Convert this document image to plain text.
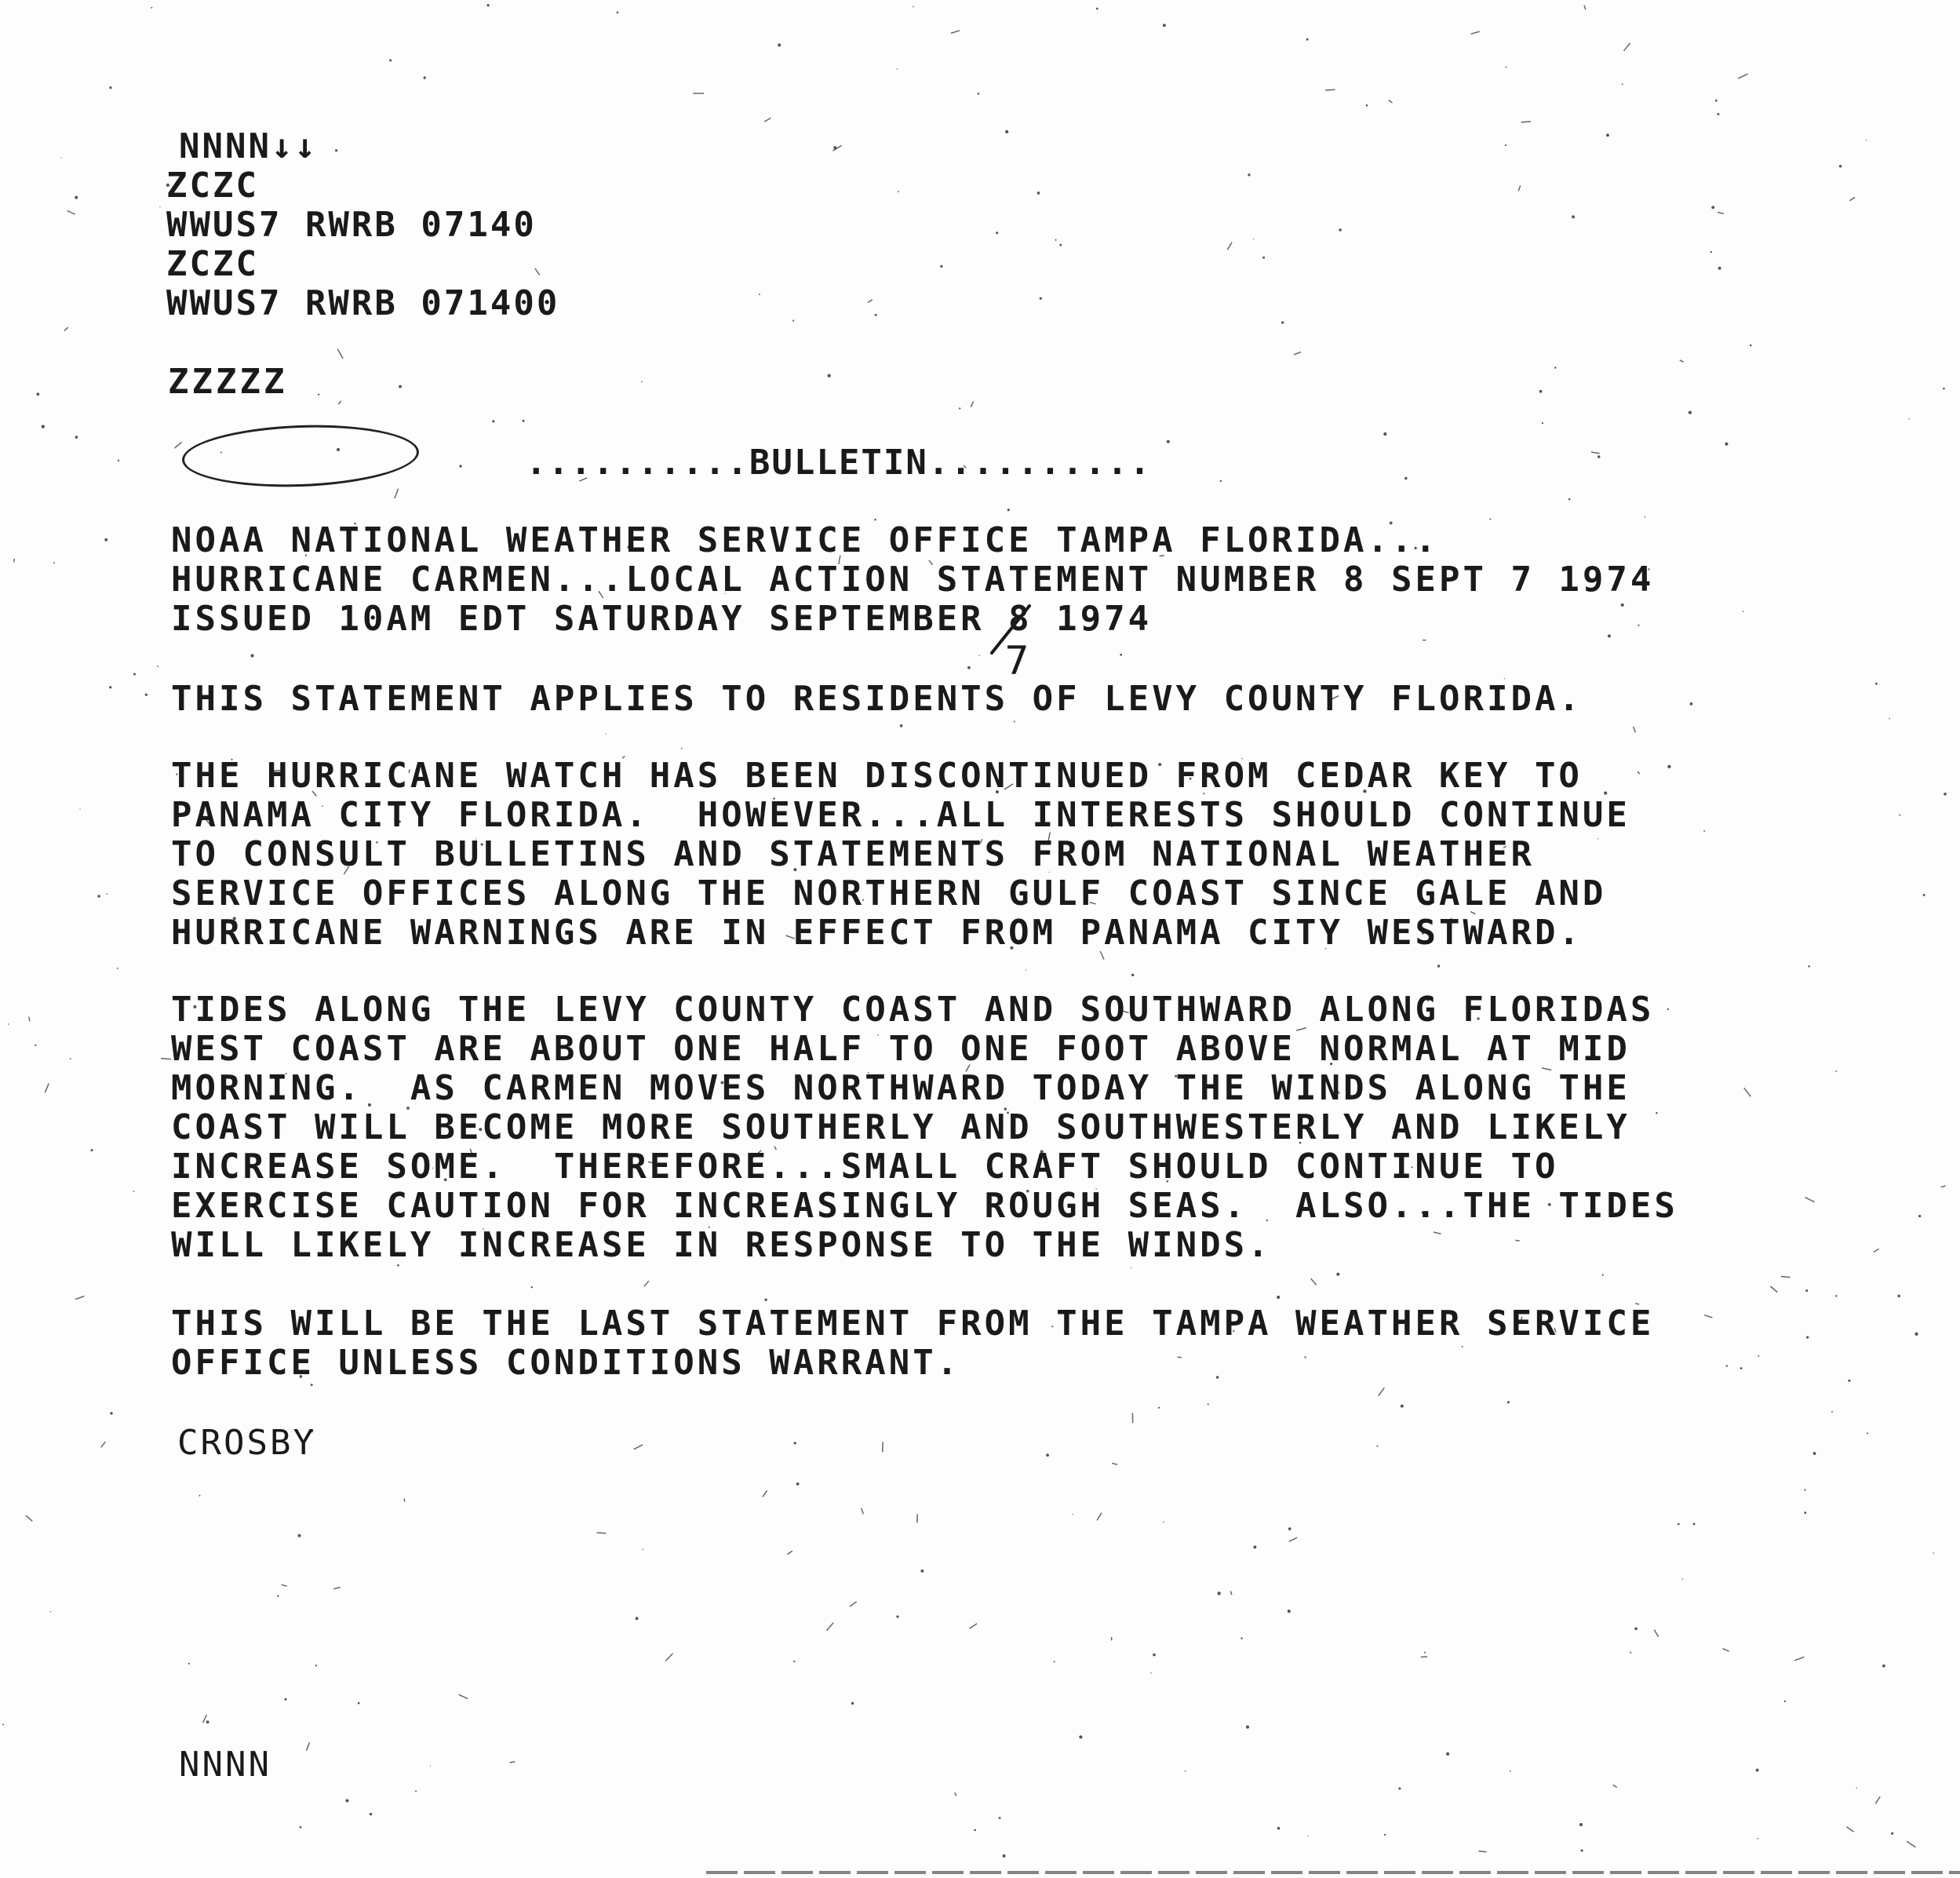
NNNN↓↓

ZCZC

WWUS7 RWRB 07140

ZCZC

WWUS7 RWRB 071400

ZZZZZ

..........BULLETIN..........

NOAA NATIONAL WEATHER SERVICE OFFICE TAMPA FLORIDA...

HURRICANE CARMEN...LOCAL ACTION STATEMENT NUMBER 8 SEPT 7 1974

ISSUED 10AM EDT SATURDAY SEPTEMBER 8 1974

7

THIS STATEMENT APPLIES TO RESIDENTS OF LEVY COUNTY FLORIDA.

THE HURRICANE WATCH HAS BEEN DISCONTINUED FROM CEDAR KEY TO

PANAMA CITY FLORIDA.  HOWEVER...ALL INTERESTS SHOULD CONTINUE

TO CONSULT BULLETINS AND STATEMENTS FROM NATIONAL WEATHER

SERVICE OFFICES ALONG THE NORTHERN GULF COAST SINCE GALE AND

HURRICANE WARNINGS ARE IN EFFECT FROM PANAMA CITY WESTWARD.

TIDES ALONG THE LEVY COUNTY COAST AND SOUTHWARD ALONG FLORIDAS

WEST COAST ARE ABOUT ONE HALF TO ONE FOOT ABOVE NORMAL AT MID

MORNING.  AS CARMEN MOVES NORTHWARD TODAY THE WINDS ALONG THE

COAST WILL BECOME MORE SOUTHERLY AND SOUTHWESTERLY AND LIKELY

INCREASE SOME.  THEREFORE...SMALL CRAFT SHOULD CONTINUE TO

EXERCISE CAUTION FOR INCREASINGLY ROUGH SEAS.  ALSO...THE TIDES

WILL LIKELY INCREASE IN RESPONSE TO THE WINDS.

THIS WILL BE THE LAST STATEMENT FROM THE TAMPA WEATHER SERVICE

OFFICE UNLESS CONDITIONS WARRANT.

CROSBY

NNNN
